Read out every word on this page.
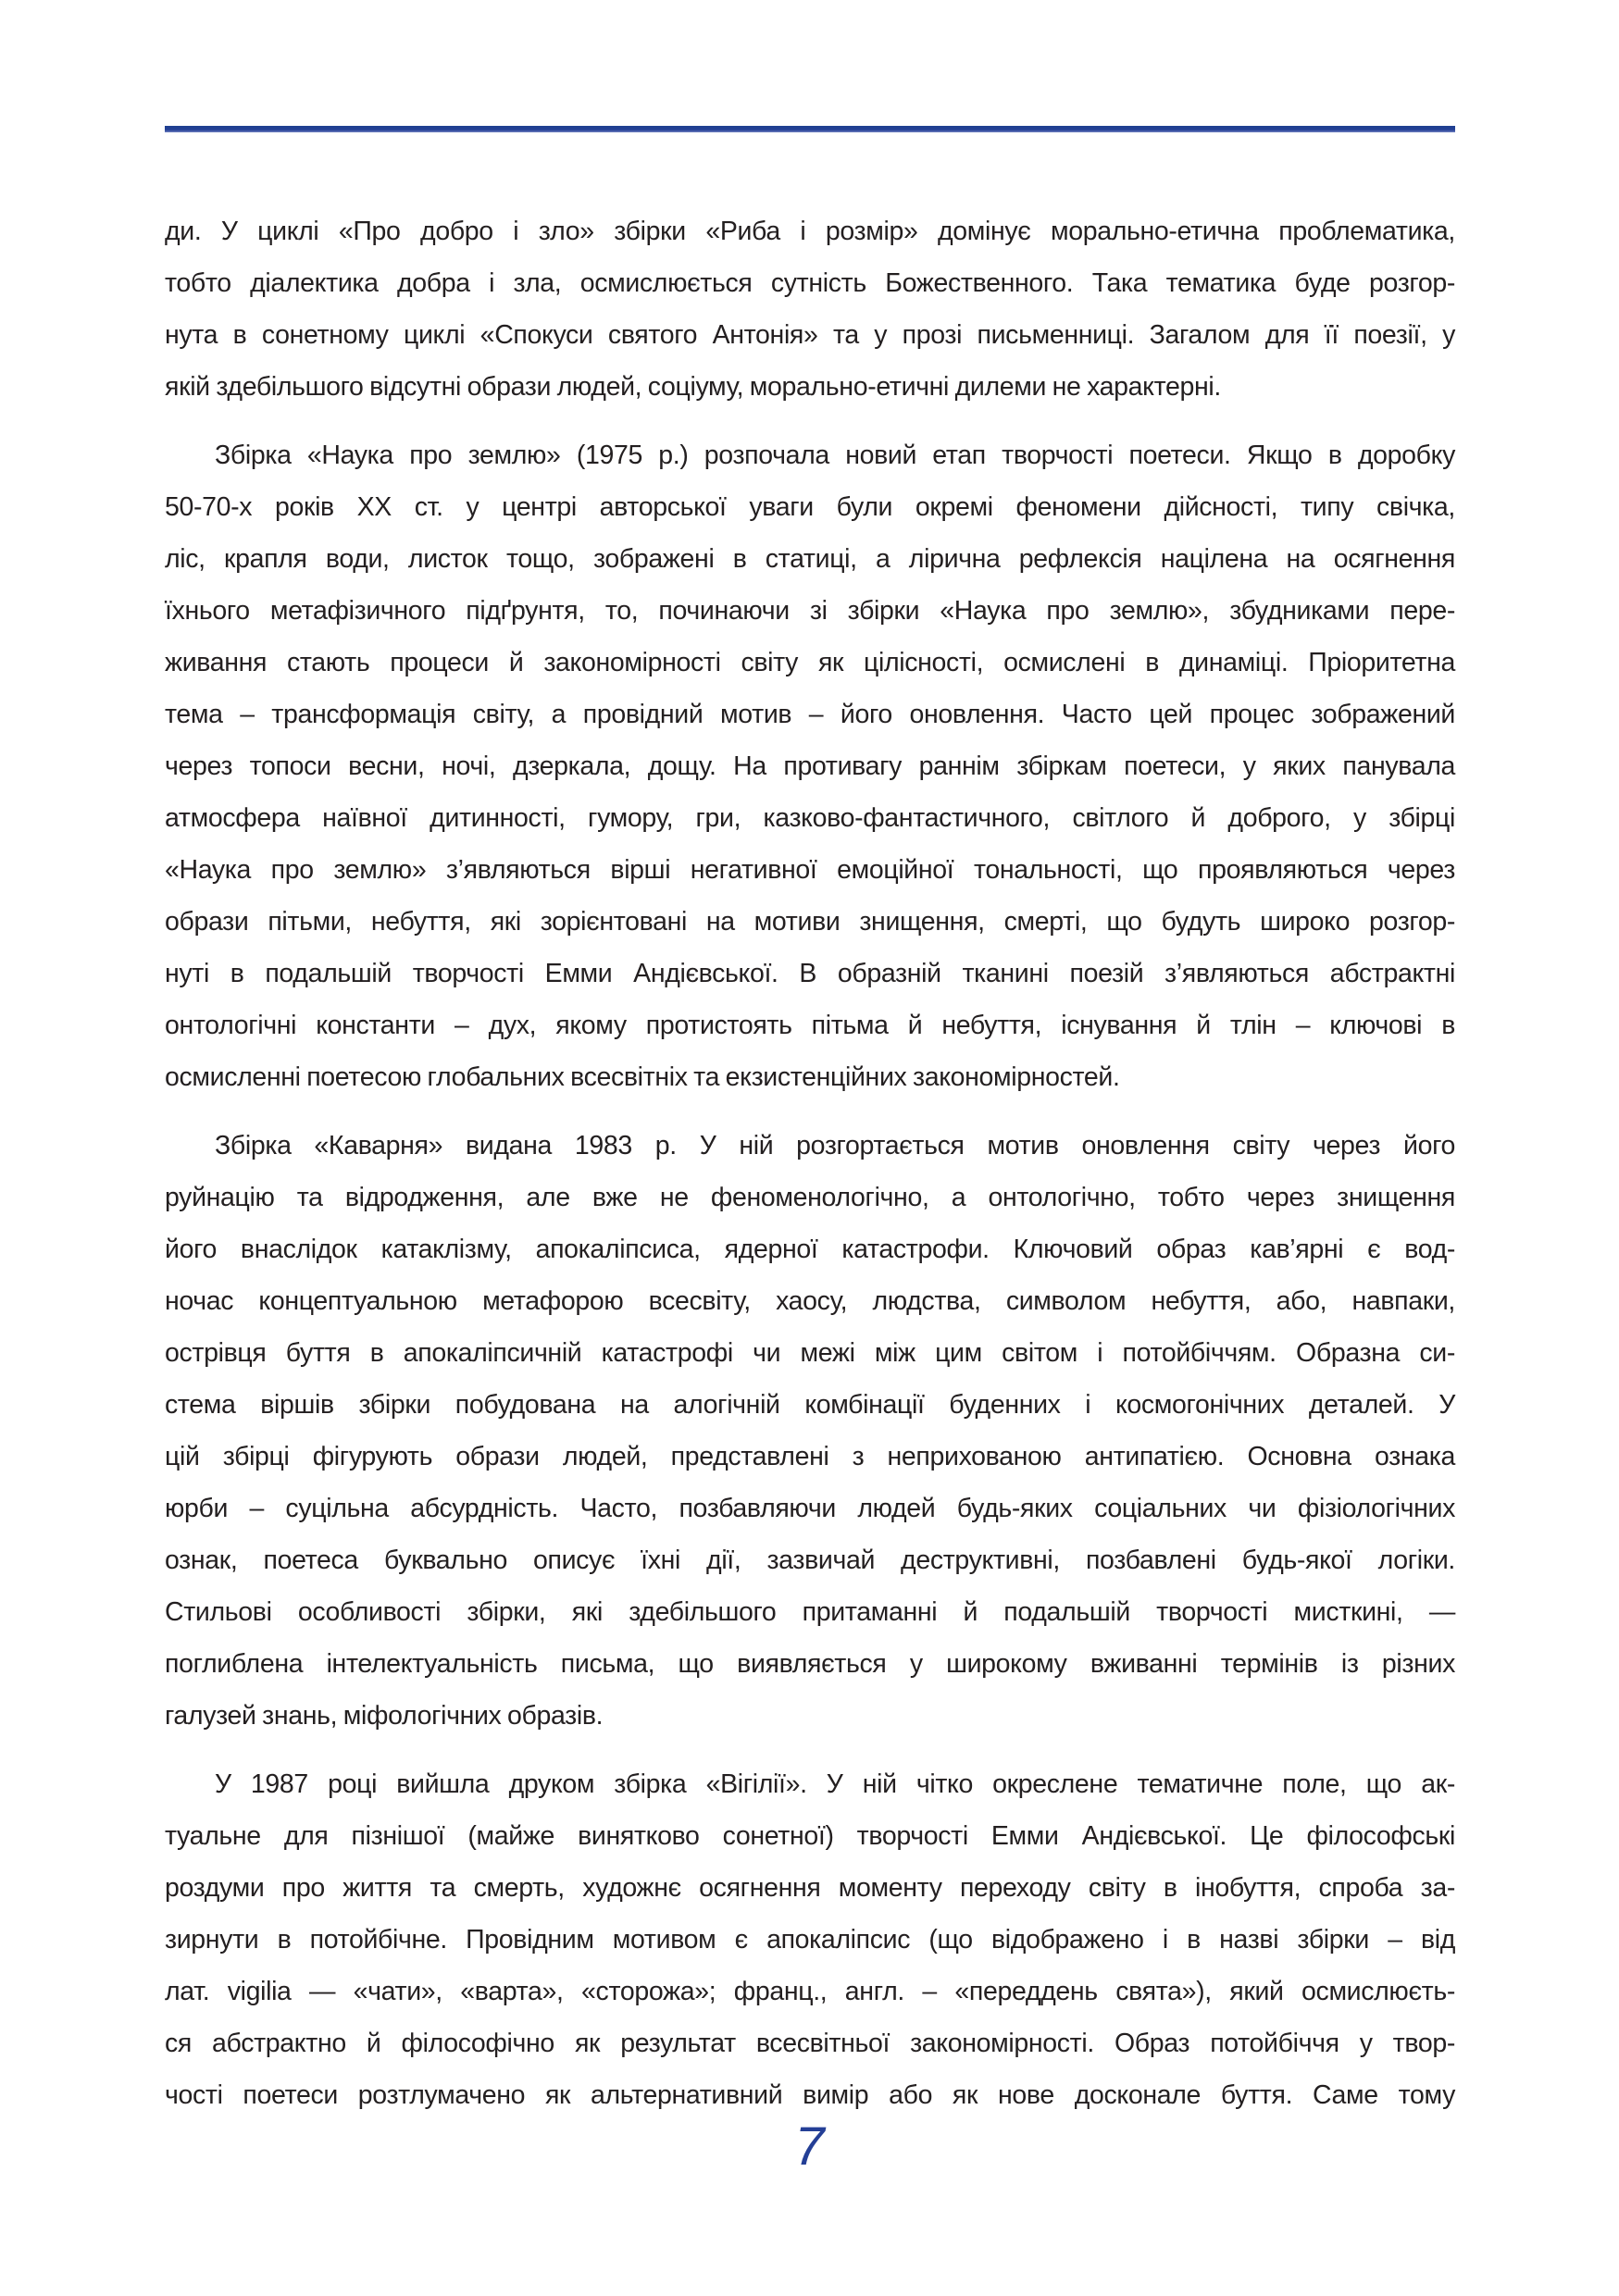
ди. У циклі «Про добро і зло» збірки «Риба і розмір» домінує морально-етична проблематика,
тобто діалектика добра і зла, осмислюється сутність Божественного. Така тематика буде розгор-
нута в сонетному циклі «Спокуси святого Антонія» та у прозі письменниці. Загалом для її поезії, у
якій здебільшого відсутні образи людей, соціуму, морально-етичні дилеми не характерні.
Збірка «Наука про землю» (1975 р.) розпочала новий етап творчості поетеси. Якщо в доробку
50-70-х років ХХ ст. у центрі авторської уваги були окремі феномени дійсності, типу свічка,
ліс, крапля води, листок тощо, зображені в статиці, а лірична рефлексія націлена на осягнення
їхнього метафізичного підґрунтя, то, починаючи зі збірки «Наука про землю», збудниками пере-
живання стають процеси й закономірності світу як цілісності, осмислені в динаміці. Пріоритетна
тема – трансформація світу, а провідний мотив – його оновлення. Часто цей процес зображений
через топоси весни, ночі, дзеркала, дощу. На противагу раннім збіркам поетеси, у яких панувала
атмосфера наївної дитинності, гумору, гри, казково-фантастичного, світлого й доброго, у збірці
«Наука про землю» з’являються вірші негативної емоційної тональності, що проявляються через
образи пітьми, небуття, які зорієнтовані на мотиви знищення, смерті, що будуть широко розгор-
нуті в подальшій творчості Емми Андієвської. В образній тканині поезій з’являються абстрактні
онтологічні константи – дух, якому протистоять пітьма й небуття, існування й тлін – ключові в
осмисленні поетесою глобальних всесвітніх та екзистенційних закономірностей.
Збірка «Каварня» видана 1983 р. У ній розгортається мотив оновлення світу через його
руйнацію та відродження, але вже не феноменологічно, а онтологічно, тобто через знищення
його внаслідок катаклізму, апокаліпсиса, ядерної катастрофи. Ключовий образ кав’ярні є вод-
ночас концептуальною метафорою всесвіту, хаосу, людства, символом небуття, або, навпаки,
острівця буття в апокаліпсичній катастрофі чи межі між цим світом і потойбіччям. Образна си-
стема віршів збірки побудована на алогічній комбінації буденних і космогонічних деталей. У
цій збірці фігурують образи людей, представлені з неприхованою антипатією. Основна ознака
юрби – суцільна абсурдність. Часто, позбавляючи людей будь-яких соціальних чи фізіологічних
ознак, поетеса буквально описує їхні дії, зазвичай деструктивні, позбавлені будь-якої логіки.
Стильові особливості збірки, які здебільшого притаманні й подальшій творчості мисткині, —
поглиблена інтелектуальність письма, що виявляється у широкому вживанні термінів із різних
галузей знань, міфологічних образів.
У 1987 році вийшла друком збірка «Вігілії». У ній чітко окреслене тематичне поле, що ак-
туальне для пізнішої (майже винятково сонетної) творчості Емми Андієвської. Це філософські
роздуми про життя та смерть, художнє осягнення моменту переходу світу в інобуття, спроба за-
зирнути в потойбічне. Провідним мотивом є апокаліпсис (що відображено і в назві збірки – від
лат. vigilia — «чати», «варта», «сторожа»; франц., англ. – «переддень свята»), який осмислюєть-
ся абстрактно й філософічно як результат всесвітньої закономірності. Образ потойбіччя у твор-
чості поетеси розтлумачено як альтернативний вимір або як нове досконале буття. Саме тому
7
